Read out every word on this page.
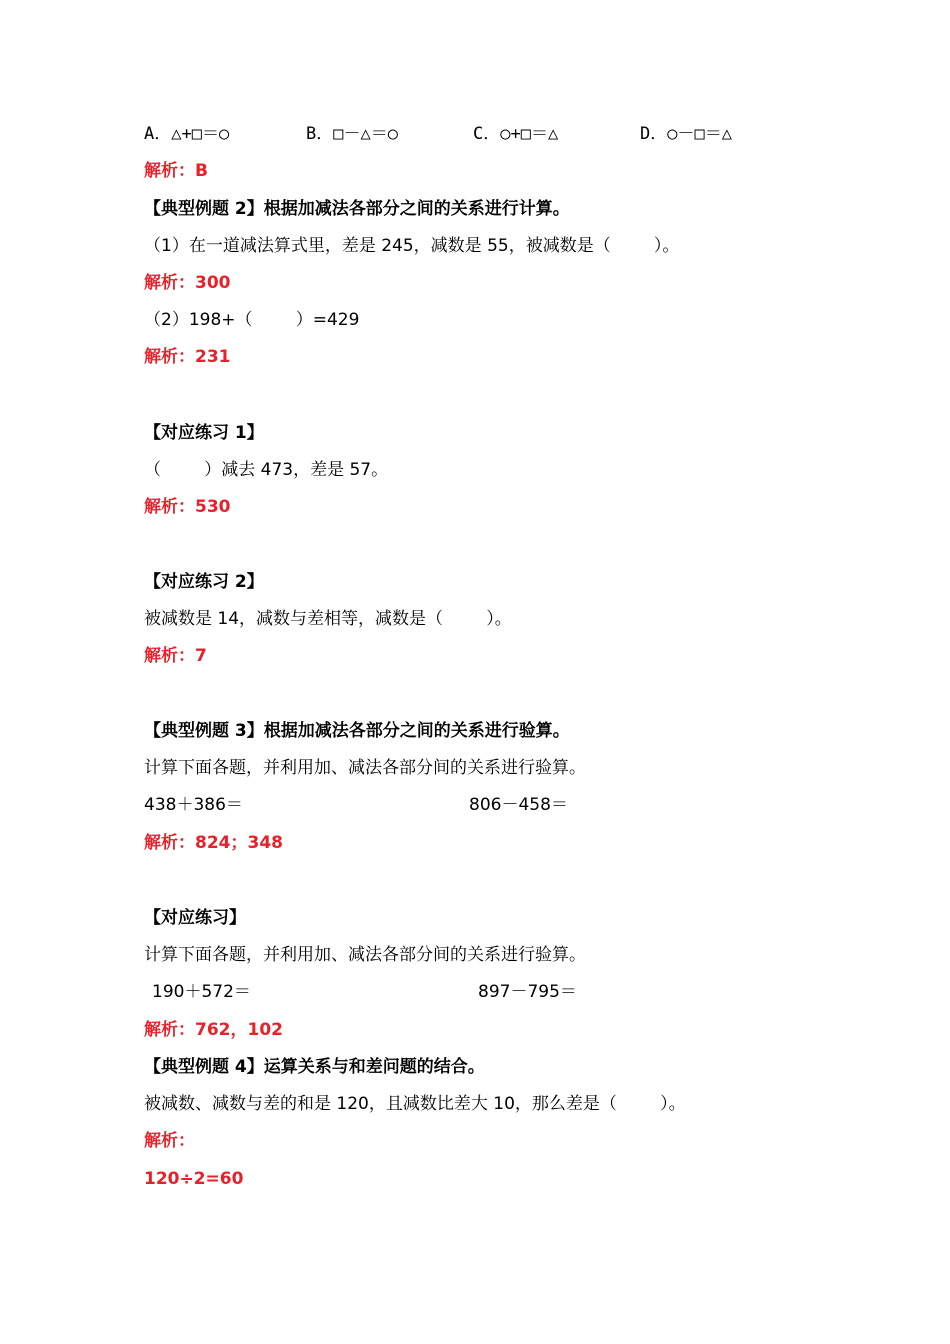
A．△+□＝○	B．□－△＝○	C．○+□＝△	D．○－□＝△
解析：B
【典型例题 2】根据加减法各部分之间的关系进行计算。
（1）在一道减法算式里，差是 245，减数是 55，被减数是（        ）。
解析：300
（2）198+（        ）=429
解析：231
【对应练习 1】
（        ）减去 473，差是 57。
解析：530
【对应练习 2】
被减数是 14，减数与差相等，减数是（        ）。
解析：7
【典型例题 3】根据加减法各部分之间的关系进行验算。
计算下面各题，并利用加、减法各部分间的关系进行验算。
438＋386＝	806－458＝
解析：824；348
【对应练习】
计算下面各题，并利用加、减法各部分间的关系进行验算。
190＋572＝	897－795＝
解析：762，102
【典型例题 4】运算关系与和差问题的结合。
被减数、减数与差的和是 120，且减数比差大 10，那么差是（        ）。
解析：
120÷2=60
